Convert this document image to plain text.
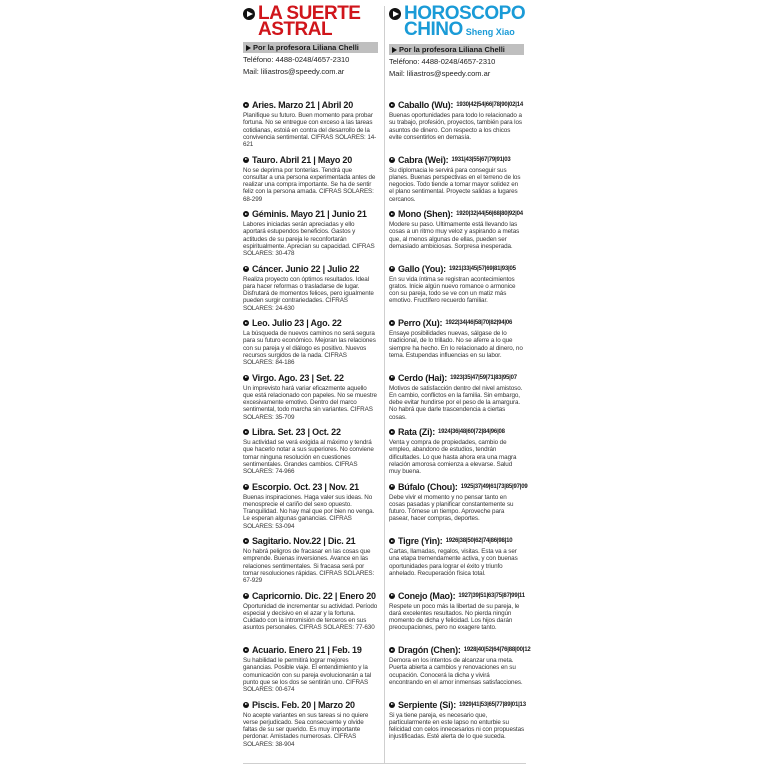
LA SUERTE
ASTRAL
Por la profesora Liliana Chelli
Teléfono: 4488-0248/4657-2310
Mail: liliastros@speedy.com.ar
Aries. Marzo 21 | Abril 20
Planifique su futuro. Buen momento para probar fortuna. No se entregue con exceso a las tareas cotidianas, estoiá en contra del desarrollo de la convivencia sentimental. CIFRAS SOLARES: 14-621
Tauro. Abril 21 | Mayo 20
No se deprima por tonterías. Tendrá que consultar a una persona experimentada antes de realizar una compra importante. Se ha de sentir feliz con la persona amada. CIFRAS SOLARES: 68-299
Géminis. Mayo 21 | Junio 21
Labores iniciadas serán apreciadas y ello aportará estupendos beneficios. Gastos y actitudes de su pareja le reconfortarán espiritualmente. Aprecian su capacidad. CIFRAS SOLARES: 30-478
Cáncer. Junio 22 | Julio 22
Realiza proyecto con óptimos resultados. Ideal para hacer reformas o trasladarse de lugar. Disfrutará de momentos felices, pero igualmente pueden surgir contrariedades. CIFRAS SOLARES: 24-630
Leo. Julio 23 | Ago. 22
La búsqueda de nuevos caminos no será segura para su futuro económico. Mejoran las relaciones con su pareja y el diálogo es positivo. Nuevos recursos surgidos de la nada. CIFRAS SOLARES: 84-186
Virgo. Ago. 23 | Set. 22
Un imprevisto hará variar eficazmente aquello que está relacionado con papeles. No se muestre excesivamente emotivo. Dentro del marco sentimental, todo marcha sin variantes. CIFRAS SOLARES: 35-709
Libra. Set. 23 | Oct. 22
Su actividad se verá exigida al máximo y tendrá que hacerlo notar a sus superiores. No conviene tomar ninguna resolución en cuestiones sentimentales. Grandes cambios. CIFRAS SOLARES: 74-966
Escorpio. Oct. 23 | Nov. 21
Buenas inspiraciones. Haga valer sus ideas. No menosprecie el cariño del sexo opuesto. Tranquilidad. No hay mal que por bien no venga. Le esperan algunas ganancias. CIFRAS SOLARES: 53-094
Sagitario. Nov.22 | Dic. 21
No habrá peligros de fracasar en las cosas que emprende. Buenas inversiones. Avance en las relaciones sentimentales. Si fracasa será por tomar resoluciones rápidas. CIFRAS SOLARES: 67-929
Capricornio. Dic. 22 | Enero 20
Oportunidad de incrementar su actividad. Período especial y decisivo en el azar y la fortuna. Cuidado con la intromisión de terceros en sus asuntos personales. CIFRAS SOLARES: 77-630
Acuario. Enero 21 | Feb. 19
Su habilidad le permitirá lograr mejores ganancias. Posible viaje. El entendimiento y la comunicación con su pareja evolucionarán a tal punto que se los dos se sentirán uno. CIFRAS SOLARES: 00-674
Piscis. Feb. 20 | Marzo 20
No acepte variantes en sus tareas si no quiere verse perjudicado. Sea consecuente y olvide faltas de su ser querido. Es muy importante perdonar. Amistades numerosas. CIFRAS SOLARES: 38-904
HOROSCOPO
CHINO Sheng Xiao
Por la profesora Liliana Chelli
Teléfono: 4488-0248/4657-2310
Mail: liliastros@speedy.com.ar
Caballo (Wu): 1930|42|54|66|78|90|02|14
Buenas oportunidades para todo lo relacionado a su trabajo, profesión, proyectos, también para los asuntos de dinero. Con respecto a los chicos evite consentirlos en demasía.
Cabra (Wei): 1931|43|55|67|79|91|03
Su diplomacia le servirá para conseguir sus planes. Buenas perspectivas en el terreno de los negocios. Todo tiende a tomar mayor solidez en el plano sentimental. Proyecte salidas a lugares cercanos.
Mono (Shen): 1920|32|44|56|68|80|92|04
Modere su paso. Ultimamente está llevando las cosas a un ritmo muy veloz y aspirando a metas que, al menos algunas de ellas, pueden ser demasiado ambiciosas. Sorpresa inesperada.
Gallo (You): 1921|33|45|57|69|81|93|05
En su vida íntima se registran acontecimientos gratos. Inicie algún nuevo romance o armonice con su pareja, todo se ve con un matiz más emotivo. Fructífero recuerdo familiar.
Perro (Xu): 1922|34|46|58|70|82|94|06
Ensaye posibilidades nuevas, sálgase de lo tradicional, de lo trillado. No se aferre a lo que siempre ha hecho. En lo relacionado al dinero, no tema. Estupendas influencias en su labor.
Cerdo (Hai): 1923|35|47|59|71|83|95|07
Motivos de satisfacción dentro del nivel amistoso. En cambio, conflictos en la familia. Sin embargo, debe evitar hundirse por el peso de la amargura. No habrá que darle trascendencia a ciertas cosas.
Rata (Zi): 1924|36|48|60|72|84|96|08
Venta y compra de propiedades, cambio de empleo, abandono de estudios, tendrán dificultades. Lo que hasta ahora era una magra relación amorosa comienza a elevarse. Salud muy buena.
Búfalo (Chou): 1925|37|49|61|73|85|97|09
Debe vivir el momento y no pensar tanto en cosas pasadas y planificar constantemente su futuro. Tómese un tiempo. Aproveche para pasear, hacer compras, deportes.
Tigre (Yin): 1926|38|50|62|74|86|98|10
Cartas, llamadas, regalos, visitas. Esta va a ser una etapa tremendamente activa, y con buenas oportunidades para lograr el éxito y triunfo anhelado. Recuperación física total.
Conejo (Mao): 1927|39|51|63|75|87|99|11
Respete un poco más la libertad de su pareja, le dará excelentes resultados. No pierda ningún momento de dicha y felicidad. Los hijos darán preocupaciones, pero no exagere tanto.
Dragón (Chen): 1928|40|52|64|76|88|00|12
Demora en los intentos de alcanzar una meta. Puerta abierta a cambios y renovaciones en su ocupación. Conocerá la dicha y vivirá encontrando en el amor inmensas satisfacciones.
Serpiente (Si): 1929|41|53|65|77|89|01|13
Si ya tiene pareja, es necesario que, particularmente en este lapso no enturbie su felicidad con celos innecesarios ni con propuestas injustificadas. Esté alerta de lo que suceda.
